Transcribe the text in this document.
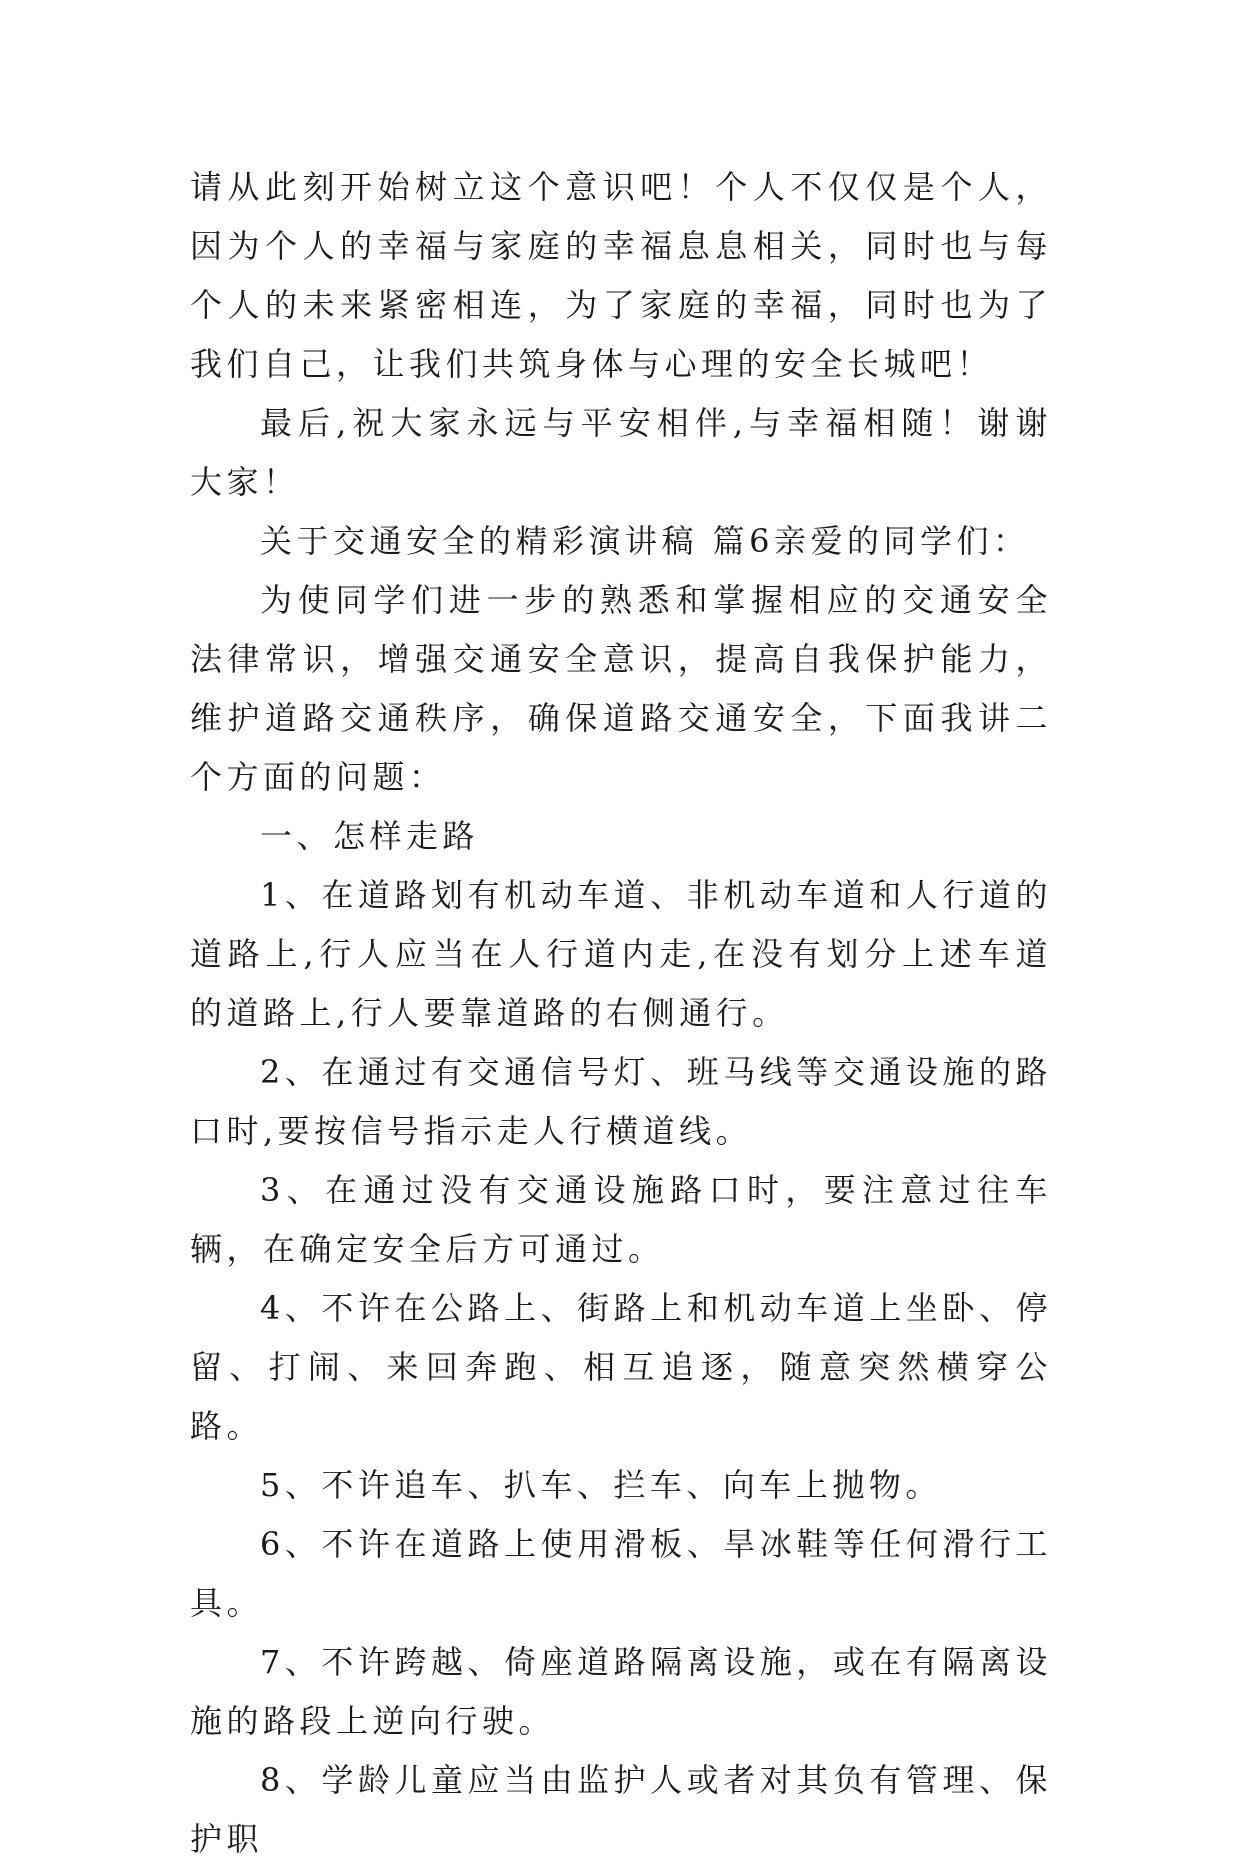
请从此刻开始树立这个意识吧！个人不仅仅是个人，因为个人的幸福与家庭的幸福息息相关，同时也与每个人的未来紧密相连，为了家庭的幸福，同时也为了我们自己，让我们共筑身体与心理的安全长城吧！

最后,祝大家永远与平安相伴,与幸福相随！谢谢大家！

关于交通安全的精彩演讲稿 篇6亲爱的同学们：

为使同学们进一步的熟悉和掌握相应的交通安全法律常识，增强交通安全意识，提高自我保护能力，维护道路交通秩序，确保道路交通安全，下面我讲二个方面的问题：

一、怎样走路

1、在道路划有机动车道、非机动车道和人行道的道路上,行人应当在人行道内走,在没有划分上述车道的道路上,行人要靠道路的右侧通行。

2、在通过有交通信号灯、班马线等交通设施的路口时,要按信号指示走人行横道线。

3、在通过没有交通设施路口时，要注意过往车辆，在确定安全后方可通过。

4、不许在公路上、街路上和机动车道上坐卧、停留、打闹、来回奔跑、相互追逐，随意突然横穿公路。

5、不许追车、扒车、拦车、向车上抛物。

6、不许在道路上使用滑板、旱冰鞋等任何滑行工具。

7、不许跨越、倚座道路隔离设施，或在有隔离设施的路段上逆向行驶。

8、学龄儿童应当由监护人或者对其负有管理、保护职
